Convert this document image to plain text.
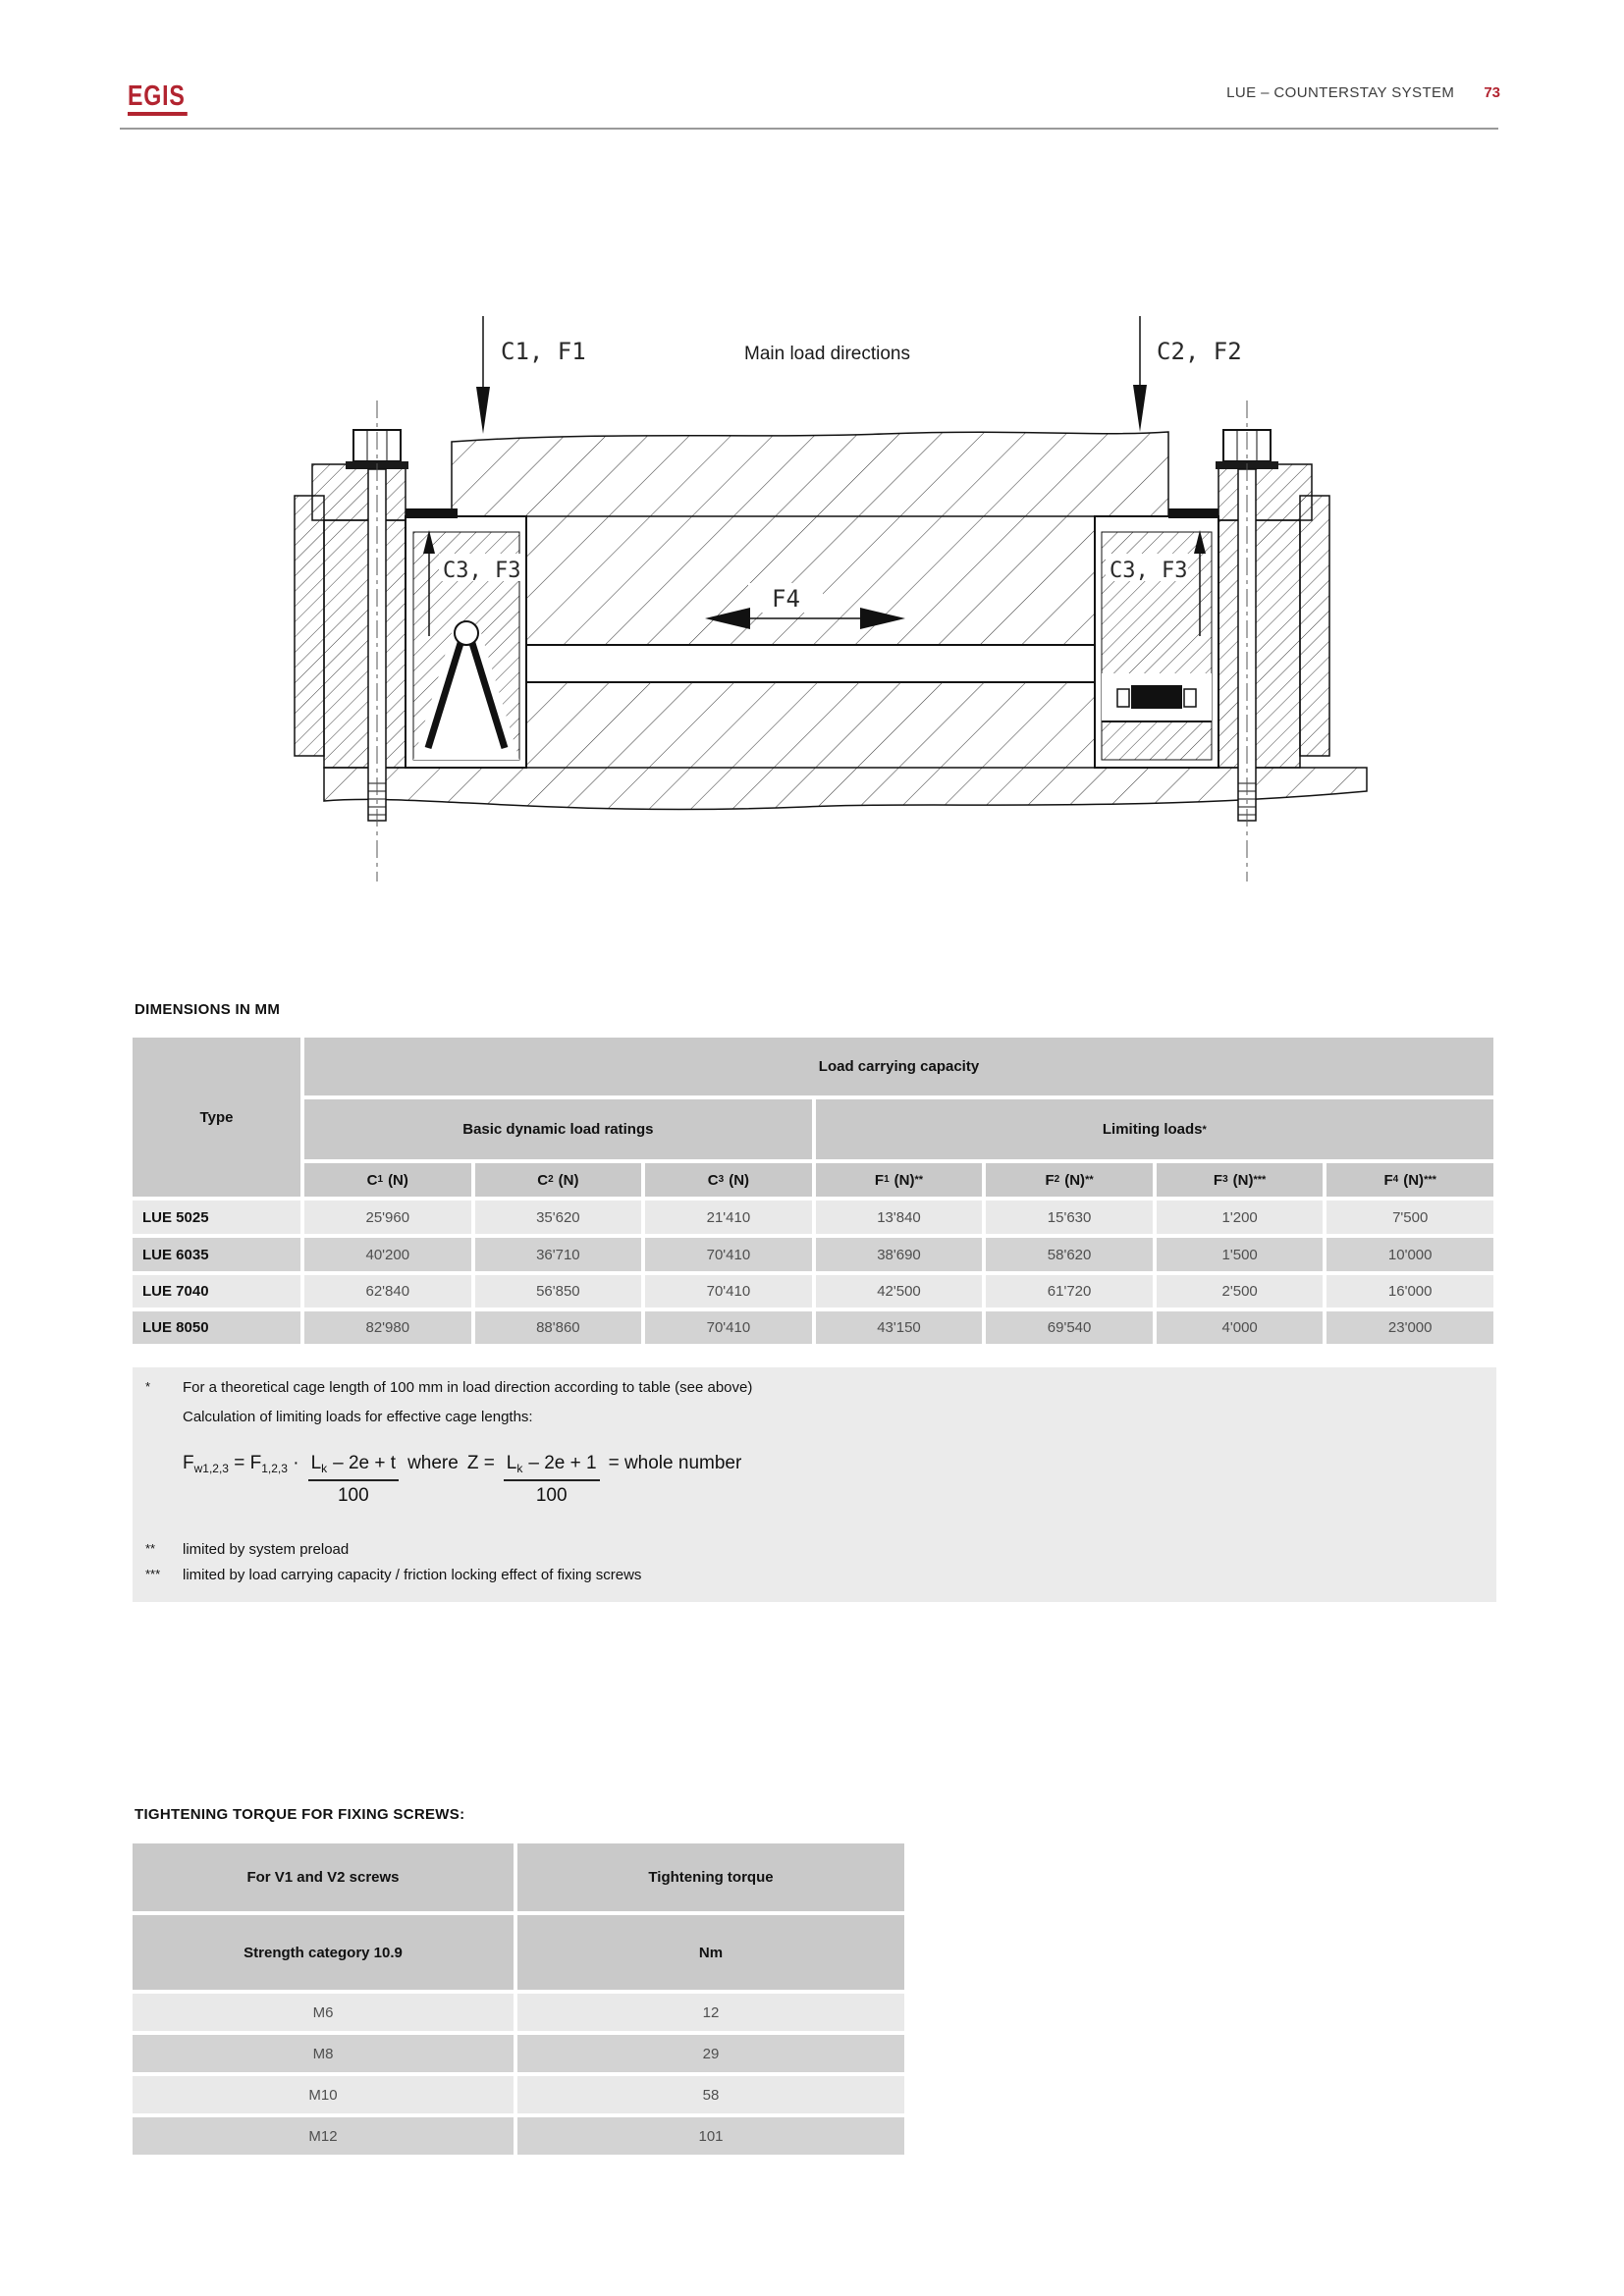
EGIS	LUE – COUNTERSTAY SYSTEM 73
C3, F3	C3, F3
C1, F1	C2, F2
Main load directions
F4
DIMENSIONS IN MM
Type
Load carrying capacity
Basic dynamic load ratings	Limiting loads *
C 1 (N)	C 2 (N)	C 3 (N)	F 1 (N) **	F 2 (N) **	F 3 (N) ***	F 4 (N) ***
LUE 5025	25'960	35'620	21'410	13'840	15'630	1'200	7'500
LUE 6035	40'200	36'710	70'410	38'690	58'620	1'500	10'000
LUE 7040	62'840	56'850	70'410	42'500	61'720	2'500	16'000
LUE 8050	82'980	88'860	70'410	43'150	69'540	4'000	23'000
* For a theoretical cage length of 100 mm in load direction according to table (see above)
Calculation of limiting loads for effective cage lengths:
$F_{w1,2,3} = F_{1,2,3} \cdot \frac{L_k - 2e + t}{100}$ where $Z = \frac{L_k - 2e + 1}{100}$ = whole number
** limited by system preload
*** limited by load carrying capacity / friction locking effect of fixing screws
TIGHTENING TORQUE FOR FIXING SCREWS:
For V1 and V2 screws	Tightening torque
Strength category 10.9	Nm
M6	12
M8	29
M10	58
M12	101
